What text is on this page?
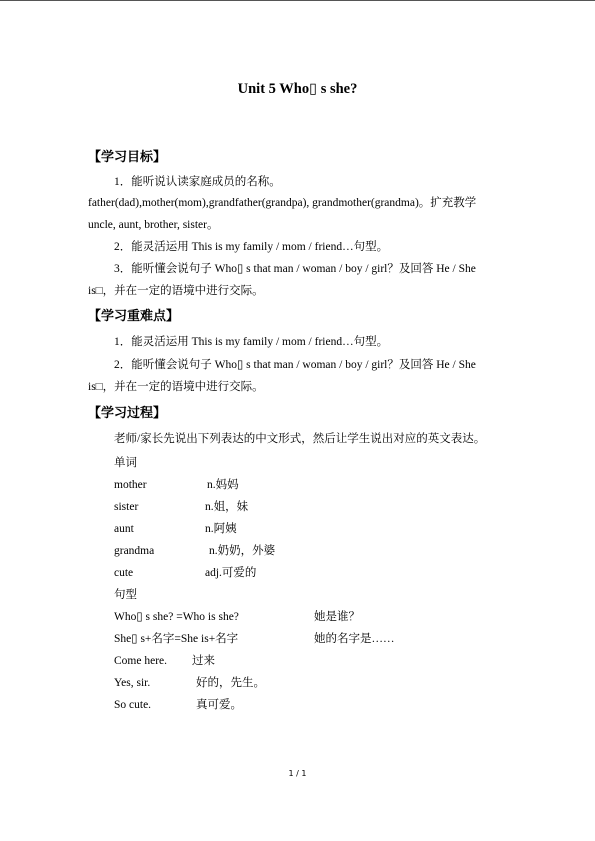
Unit 5 Who▯ s she?
【学习目标】
1．能听说认读家庭成员的名称。
father(dad),mother(mom),grandfather(grandpa), grandmother(grandma)。扩充教学
uncle, aunt, brother, sister。
2．能灵活运用 This is my family / mom / friend…句型。
3．能听懂会说句子 Who▯ s that man / woman / boy / girl？及回答 He / She
is□，并在一定的语境中进行交际。
【学习重难点】
1．能灵活运用 This is my family / mom / friend…句型。
2．能听懂会说句子 Who▯ s that man / woman / boy / girl？及回答 He / She
is□，并在一定的语境中进行交际。
【学习过程】
老师/家长先说出下列表达的中文形式，然后让学生说出对应的英文表达。
单词
mother	n.妈妈
sister	n.姐，妹
aunt	n.阿姨
grandma	n.奶奶，外婆
cute	adj.可爱的
句型
Who▯ s she? =Who is she?	她是谁？
She▯ s+名字=She is+名字	她的名字是……
Come here. 过来
Yes, sir.	好的，先生。
So cute.	真可爱。
1 / 1
